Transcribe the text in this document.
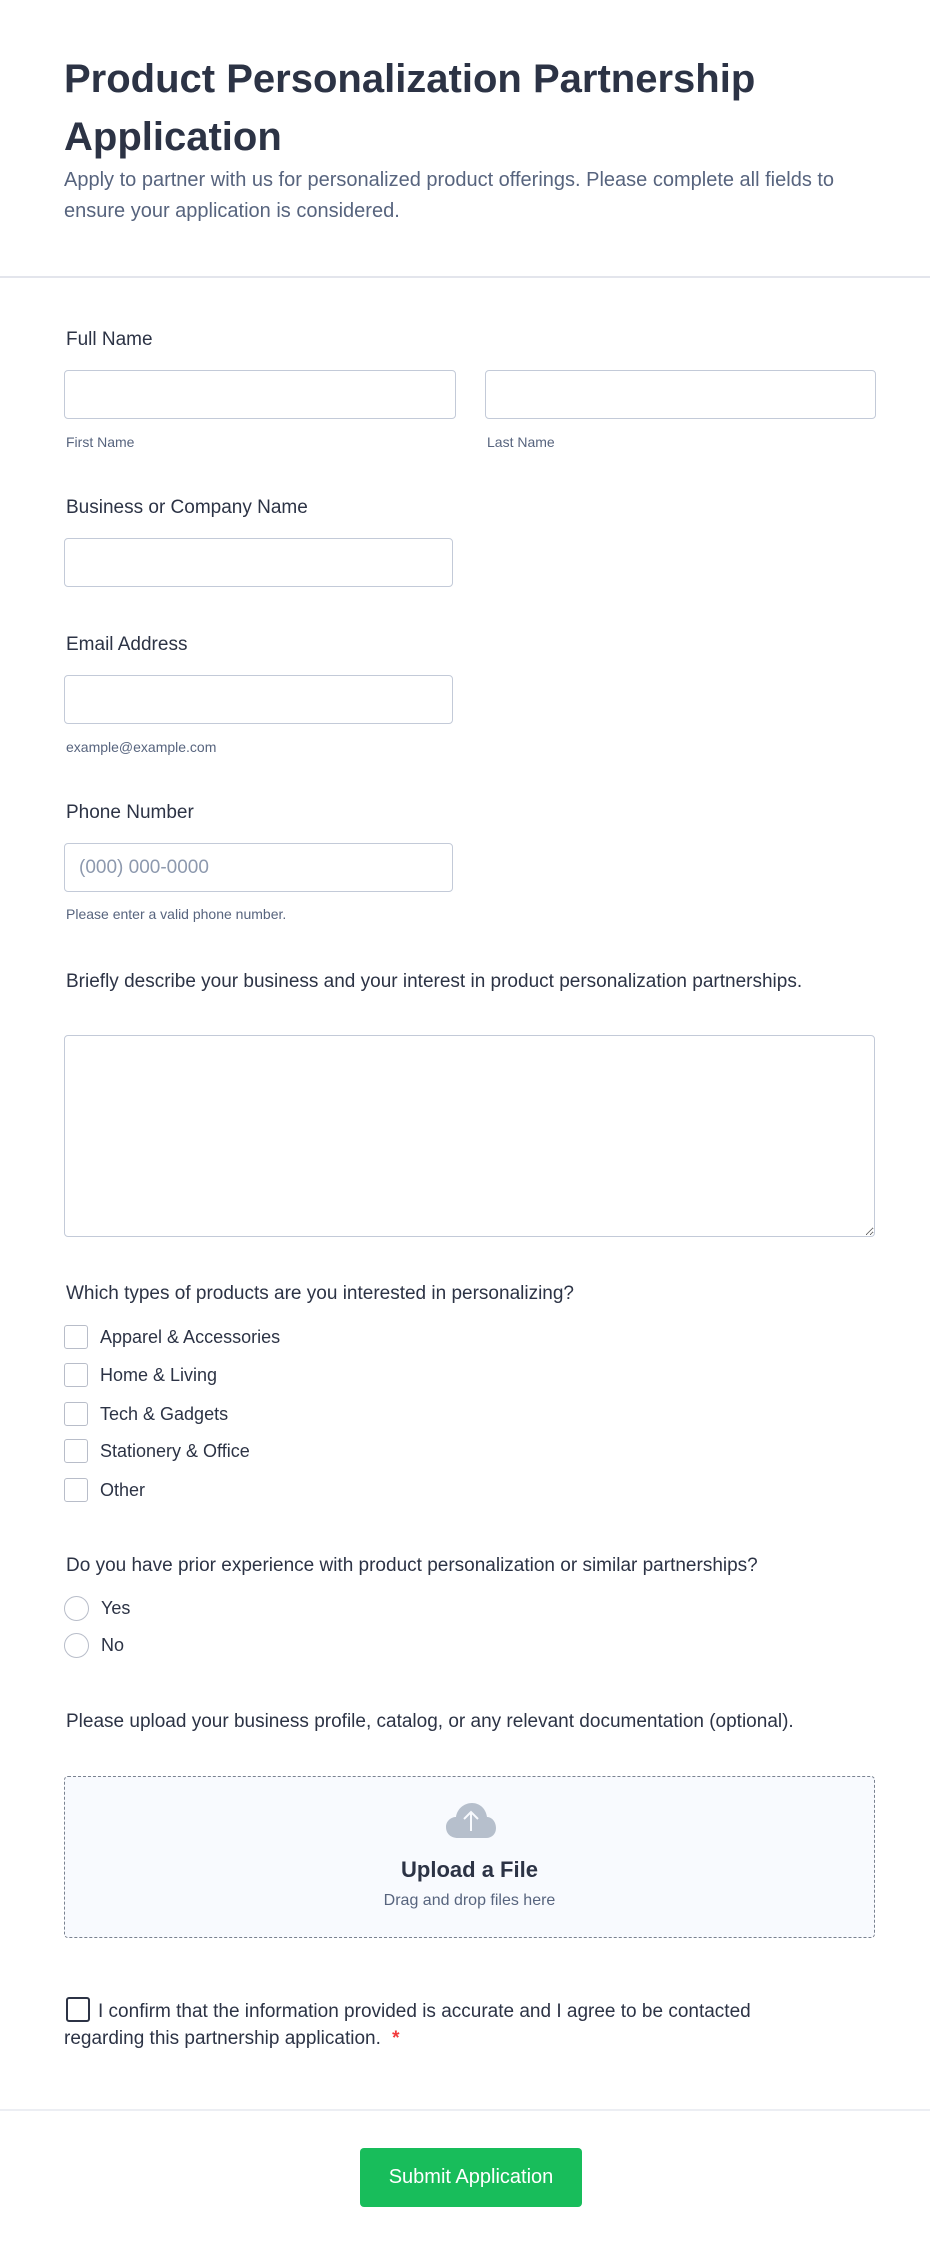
Product Personalization Partnership Application

Apply to partner with us for personalized product offerings. Please complete all fields to ensure your application is considered.

Full Name
First Name	Last Name
Business or Company Name
Email Address
example@example.com
Phone Number
(000) 000-0000
Please enter a valid phone number.
Briefly describe your business and your interest in product personalization partnerships.
Which types of products are you interested in personalizing?
Apparel & Accessories
Home & Living
Tech & Gadgets
Stationery & Office
Other
Do you have prior experience with product personalization or similar partnerships?
Yes
No
Please upload your business profile, catalog, or any relevant documentation (optional).
Upload a File
Drag and drop files here
I confirm that the information provided is accurate and I agree to be contacted regarding this partnership application. *
Submit Application
